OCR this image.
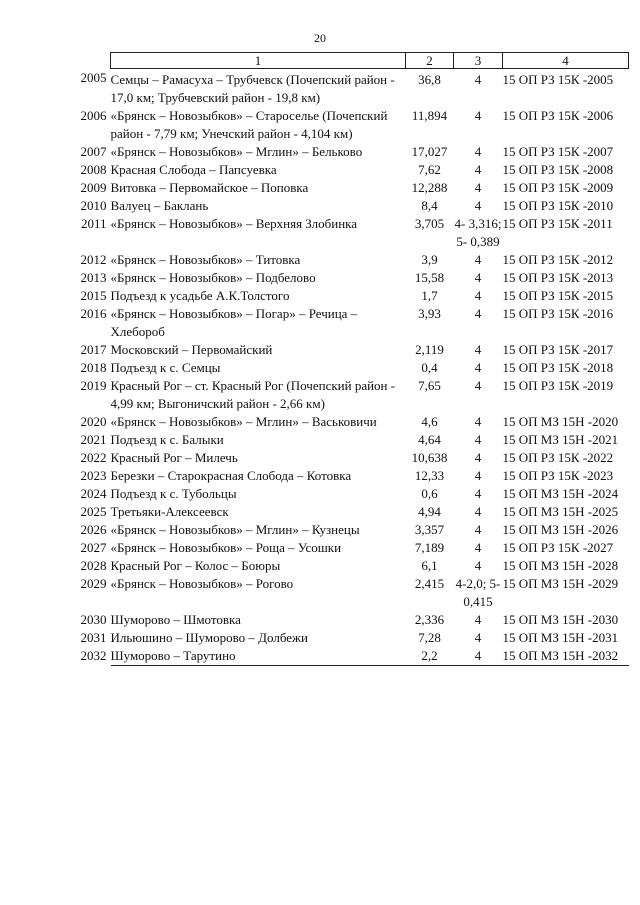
20
1	2	3	4

2005 Семцы – Рамасуха – Трубчевск (Почепский район - 17,0 км; Трубчевский район - 19,8 км)	36,8	4	15 ОП РЗ 15К -2005

2006 «Брянск – Новозыбков» – Староселье (Почепский район - 7,79 км; Унечский район - 4,104 км)	11,894	4	15 ОП РЗ 15К -2006

2007 «Брянск – Новозыбков» – Мглин» – Бельково	17,027	4	15 ОП РЗ 15К -2007

2008 Красная Слобода – Папсуевка	7,62	4	15 ОП РЗ 15К -2008

2009 Витовка – Первомайское – Поповка	12,288	4	15 ОП РЗ 15К -2009

2010 Валуец – Баклань	8,4	4	15 ОП РЗ 15К -2010

2011 «Брянск – Новозыбков» – Верхняя Злобинка	3,705	4- 3,316; 5- 0,389	15 ОП РЗ 15К -2011

2012 «Брянск – Новозыбков» – Титовка	3,9	4	15 ОП РЗ 15К -2012

2013 «Брянск – Новозыбков» – Подбелово	15,58	4	15 ОП РЗ 15К -2013

2015 Подъезд к усадьбе А.К.Толстого	1,7	4	15 ОП РЗ 15К -2015

2016 «Брянск – Новозыбков» – Погар» – Речица – Хлебороб	3,93	4	15 ОП РЗ 15К -2016

2017 Московский – Первомайский	2,119	4	15 ОП РЗ 15К -2017

2018 Подъезд к с. Семцы	0,4	4	15 ОП РЗ 15К -2018

2019 Красный Рог – ст. Красный Рог (Почепский район - 4,99 км; Выгоничский район - 2,66 км)	7,65	4	15 ОП РЗ 15К -2019

2020 «Брянск – Новозыбков» – Мглин» – Васьковичи	4,6	4	15 ОП МЗ 15Н -2020

2021 Подъезд к с. Балыки	4,64	4	15 ОП МЗ 15Н -2021

2022 Красный Рог – Милечь	10,638	4	15 ОП РЗ 15К -2022

2023 Березки – Старокрасная Слобода – Котовка	12,33	4	15 ОП РЗ 15К -2023

2024 Подъезд к с. Тубольцы	0,6	4	15 ОП МЗ 15Н -2024

2025 Третьяки-Алексеевск	4,94	4	15 ОП МЗ 15Н -2025

2026 «Брянск – Новозыбков» – Мглин» – Кузнецы	3,357	4	15 ОП МЗ 15Н -2026

2027 «Брянск – Новозыбков» – Роща – Усошки	7,189	4	15 ОП РЗ 15К -2027

2028 Красный Рог – Колос – Боюры	6,1	4	15 ОП МЗ 15Н -2028

2029 «Брянск – Новозыбков» – Рогово	2,415	4-2,0; 5- 0,415	15 ОП МЗ 15Н -2029

2030 Шуморово – Шмотовка	2,336	4	15 ОП МЗ 15Н -2030

2031 Ильюшино – Шуморово – Долбежи	7,28	4	15 ОП МЗ 15Н -2031

2032 Шуморово – Тарутино	2,2	4	15 ОП МЗ 15Н -2032
